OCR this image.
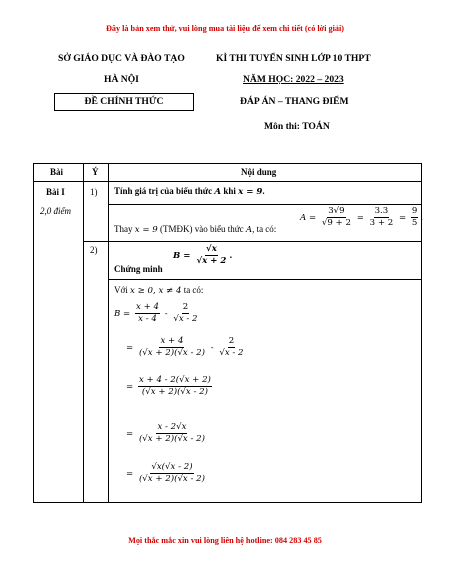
Đây là bản xem thử, vui lòng mua tài liệu để xem chi tiết (có lời giải)
SỞ GIÁO DỤC VÀ ĐÀO TẠO
HÀ NỘI
ĐỀ CHÍNH THỨC
KÌ THI TUYỂN SINH LỚP 10 THPT
NĂM HỌC: 2022 – 2023
ĐÁP ÁN – THANG ĐIỂM
Môn thi: TOÁN
Bài	Ý	Nội dung
Bài I
2,0 điểm
1) Tính giá trị của biểu thức A khi x = 9.
Thay x = 9 (TMĐK) vào biểu thức A, ta có:
$A = \frac{3√9}{√9 + 2} = \frac{3.3}{3 + 2} = \frac{9}{5}$ .
2)
Chứng minh
$B = \frac{√x}{√x + 2}$ .
Với x ≥ 0, x ≠ 4 ta có:
$B = \frac{x + 4}{x - 4} - \frac{2}{√x - 2}$
= $\frac{x + 4}{(√x + 2)(√x - 2)} - \frac{2}{√x - 2}$
= $\frac{x + 4 - 2(√x + 2)}{(√x + 2)(√x - 2)}$
= $\frac{x - 2√x}{(√x + 2)(√x - 2)}$
= $\frac{√x(√x - 2)}{(√x + 2)(√x - 2)}$
Mọi thắc mắc xin vui lòng liên hệ hotline: 084 283 45 85
